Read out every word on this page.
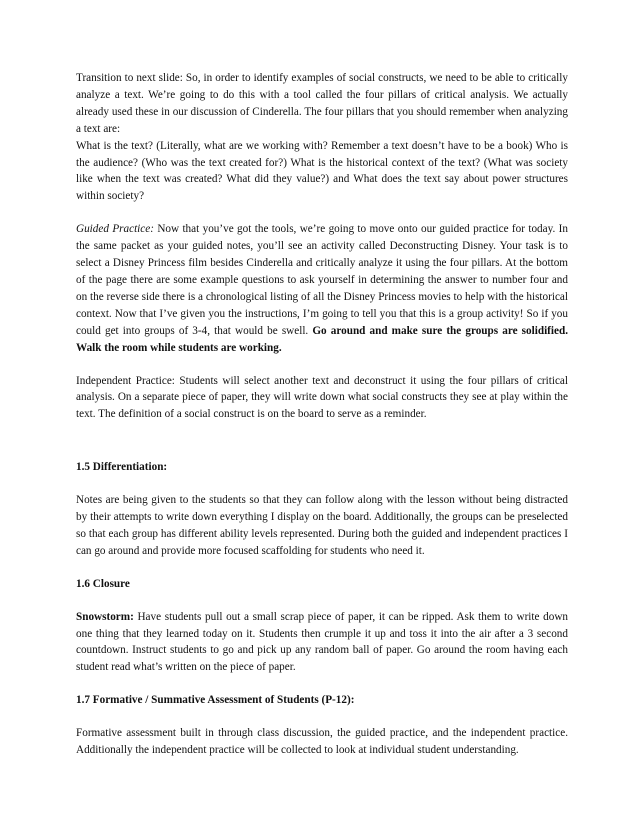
Transition to next slide: So, in order to identify examples of social constructs, we need to be able to critically analyze a text. We’re going to do this with a tool called the four pillars of critical analysis. We actually already used these in our discussion of Cinderella. The four pillars that you should remember when analyzing a text are:
What is the text? (Literally, what are we working with? Remember a text doesn’t have to be a book) Who is the audience? (Who was the text created for?) What is the historical context of the text? (What was society like when the text was created? What did they value?) and What does the text say about power structures within society?

Guided Practice: Now that you’ve got the tools, we’re going to move onto our guided practice for today. In the same packet as your guided notes, you’ll see an activity called Deconstructing Disney. Your task is to select a Disney Princess film besides Cinderella and critically analyze it using the four pillars. At the bottom of the page there are some example questions to ask yourself in determining the answer to number four and on the reverse side there is a chronological listing of all the Disney Princess movies to help with the historical context. Now that I’ve given you the instructions, I’m going to tell you that this is a group activity! So if you could get into groups of 3-4, that would be swell. Go around and make sure the groups are solidified. Walk the room while students are working.

Independent Practice: Students will select another text and deconstruct it using the four pillars of critical analysis. On a separate piece of paper, they will write down what social constructs they see at play within the text. The definition of a social construct is on the board to serve as a reminder.

1.5 Differentiation:

Notes are being given to the students so that they can follow along with the lesson without being distracted by their attempts to write down everything I display on the board. Additionally, the groups can be preselected so that each group has different ability levels represented. During both the guided and independent practices I can go around and provide more focused scaffolding for students who need it.

1.6 Closure

Snowstorm: Have students pull out a small scrap piece of paper, it can be ripped. Ask them to write down one thing that they learned today on it. Students then crumple it up and toss it into the air after a 3 second countdown. Instruct students to go and pick up any random ball of paper. Go around the room having each student read what’s written on the piece of paper.

1.7 Formative / Summative Assessment of Students (P-12):

Formative assessment built in through class discussion, the guided practice, and the independent practice. Additionally the independent practice will be collected to look at individual student understanding.
